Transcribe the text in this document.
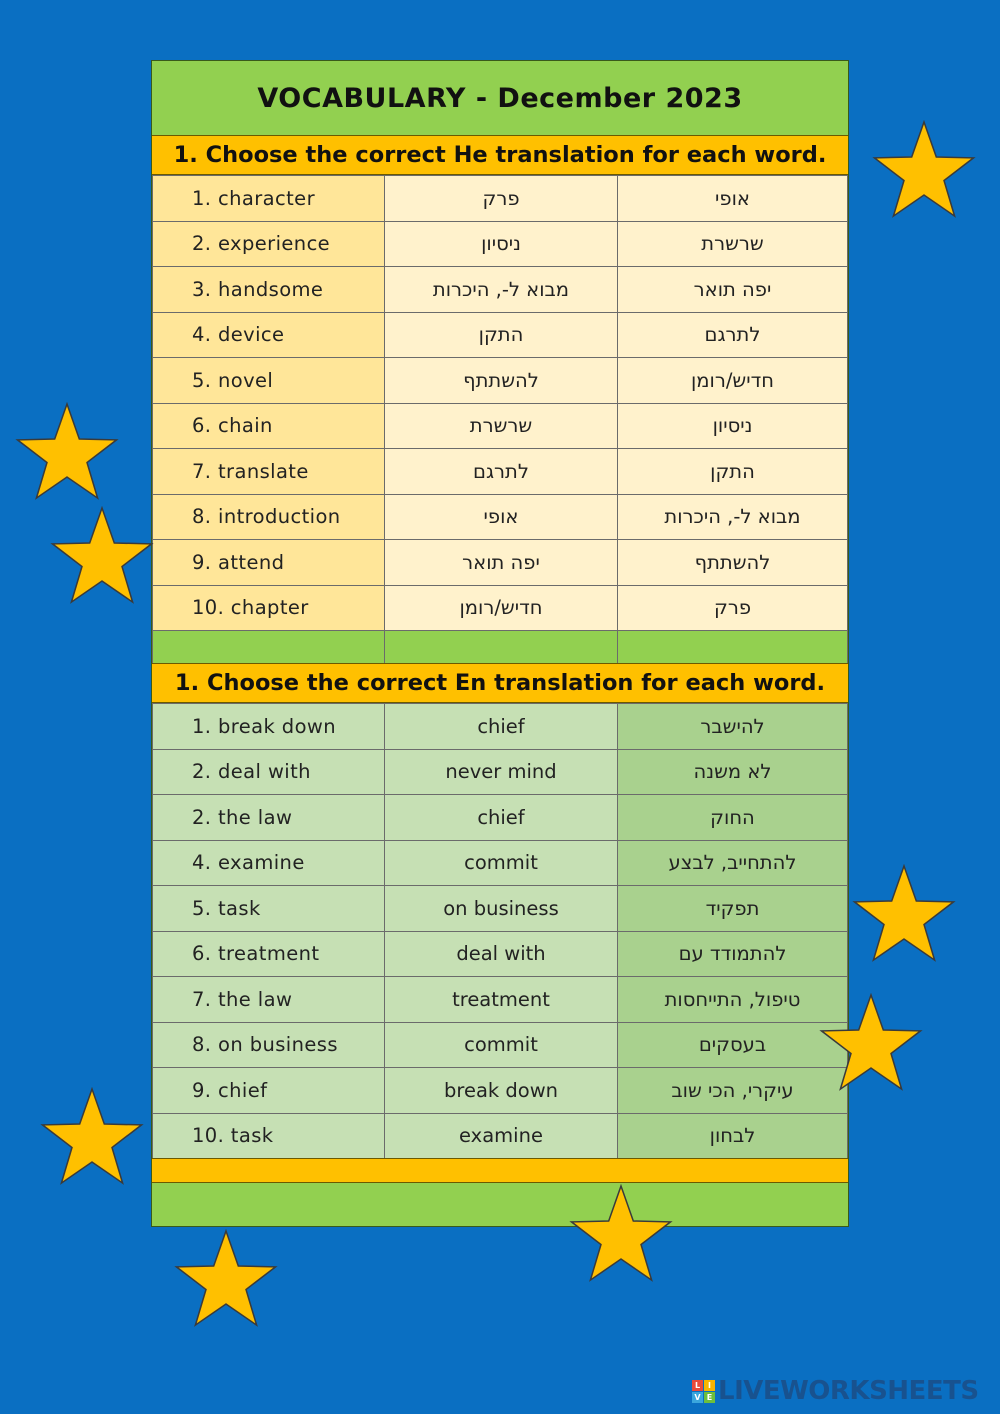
VOCABULARY - December 2023
1. Choose the correct He translation for each word.
1. character	פרק	אופי
2. experience	ניסיון	שרשרת
3. handsome	מבוא ל-, היכרות	יפה תואר
4. device	התקן	לתרגם
5. novel	להשתתף	חדיש/רומן
6. chain	שרשרת	ניסיון
7. translate	לתרגם	התקן
8. introduction	אופי	מבוא ל-, היכרות
9. attend	יפה תואר	להשתתף
10. chapter	חדיש/רומן	פרק

1. Choose the correct En translation for each word.
1. break down	chief	להישבר
2. deal with	never mind	לא משנה
2. the law	chief	החוק
4. examine	commit	להתחייב, לבצע
5. task	on business	תפקיד
6. treatment	deal with	להתמודד עם
7. the law	treatment	טיפול, התייחסות
8. on business	commit	בעסקים
9. chief	break down	עיקרי, הכי שוב
10. task	examine	לבחון
L I
V E LIVEWORKSHEETS
